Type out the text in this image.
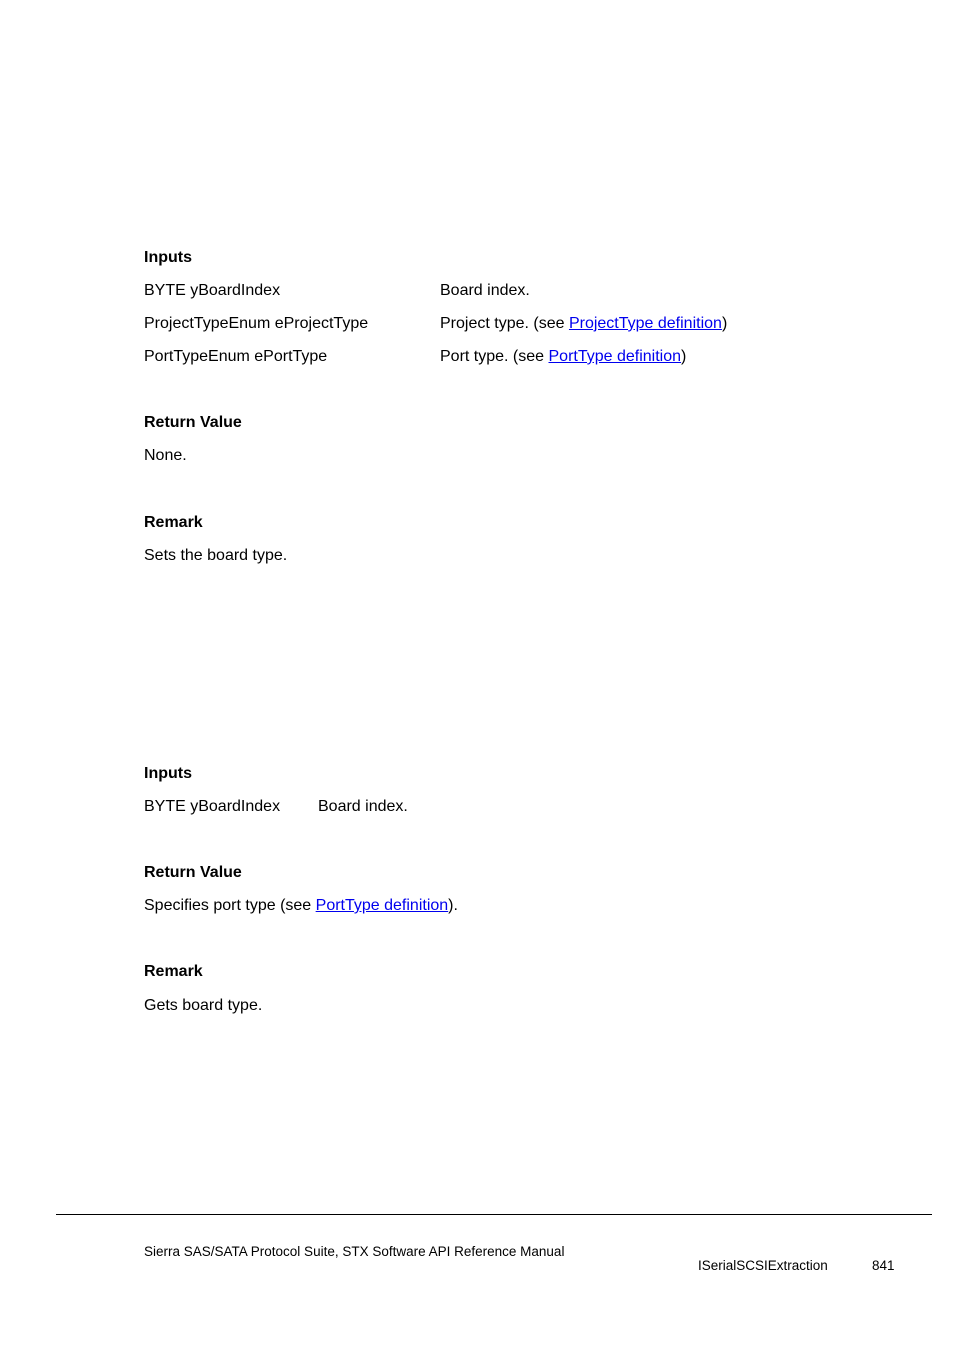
Inputs
BYTE yBoardIndex	Board index.
ProjectTypeEnum eProjectType	Project type. (see ProjectType definition)
PortTypeEnum ePortType	Port type. (see PortType definition)
Return Value
None.
Remark
Sets the board type.
Inputs
BYTE yBoardIndex Board index.
Return Value
Specifies port type (see PortType definition).
Remark
Gets board type.
Sierra SAS/SATA Protocol Suite, STX Software API Reference Manual
ISerialSCSIExtraction	841
